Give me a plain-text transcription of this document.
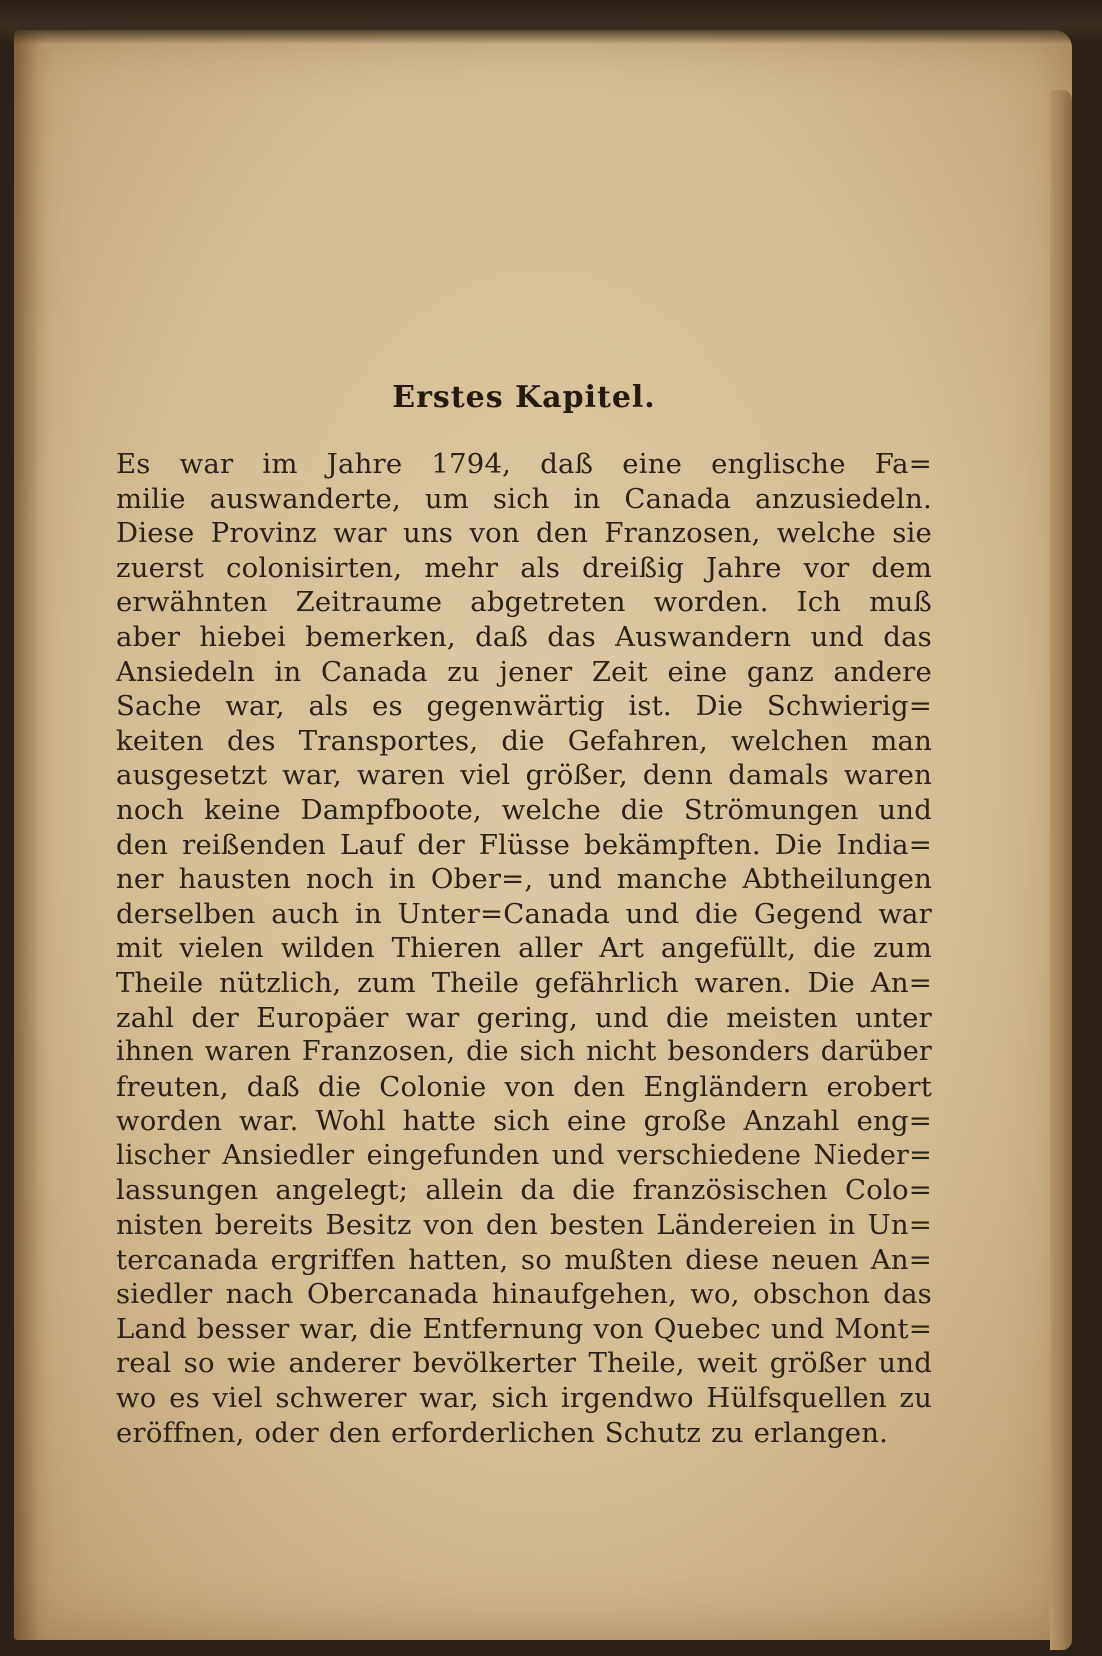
Erstes Kapitel.

Es war im Jahre 1794, daß eine englische Fa=
milie auswanderte, um sich in Canada anzusiedeln.
Diese Provinz war uns von den Franzosen, welche sie
zuerst colonisirten, mehr als dreißig Jahre vor dem
erwähnten Zeitraume abgetreten worden. Ich muß
aber hiebei bemerken, daß das Auswandern und das
Ansiedeln in Canada zu jener Zeit eine ganz andere
Sache war, als es gegenwärtig ist. Die Schwierig=
keiten des Transportes, die Gefahren, welchen man
ausgesetzt war, waren viel größer, denn damals waren
noch keine Dampfboote, welche die Strömungen und
den reißenden Lauf der Flüsse bekämpften. Die India=
ner hausten noch in Ober=, und manche Abtheilungen
derselben auch in Unter=Canada und die Gegend war
mit vielen wilden Thieren aller Art angefüllt, die zum
Theile nützlich, zum Theile gefährlich waren. Die An=
zahl der Europäer war gering, und die meisten unter
ihnen waren Franzosen, die sich nicht besonders darüber
freuten, daß die Colonie von den Engländern erobert
worden war. Wohl hatte sich eine große Anzahl eng=
lischer Ansiedler eingefunden und verschiedene Nieder=
lassungen angelegt; allein da die französischen Colo=
nisten bereits Besitz von den besten Ländereien in Un=
tercanada ergriffen hatten, so mußten diese neuen An=
siedler nach Obercanada hinaufgehen, wo, obschon das
Land besser war, die Entfernung von Quebec und Mont=
real so wie anderer bevölkerter Theile, weit größer und
wo es viel schwerer war, sich irgendwo Hülfsquellen zu
eröffnen, oder den erforderlichen Schutz zu erlangen.
